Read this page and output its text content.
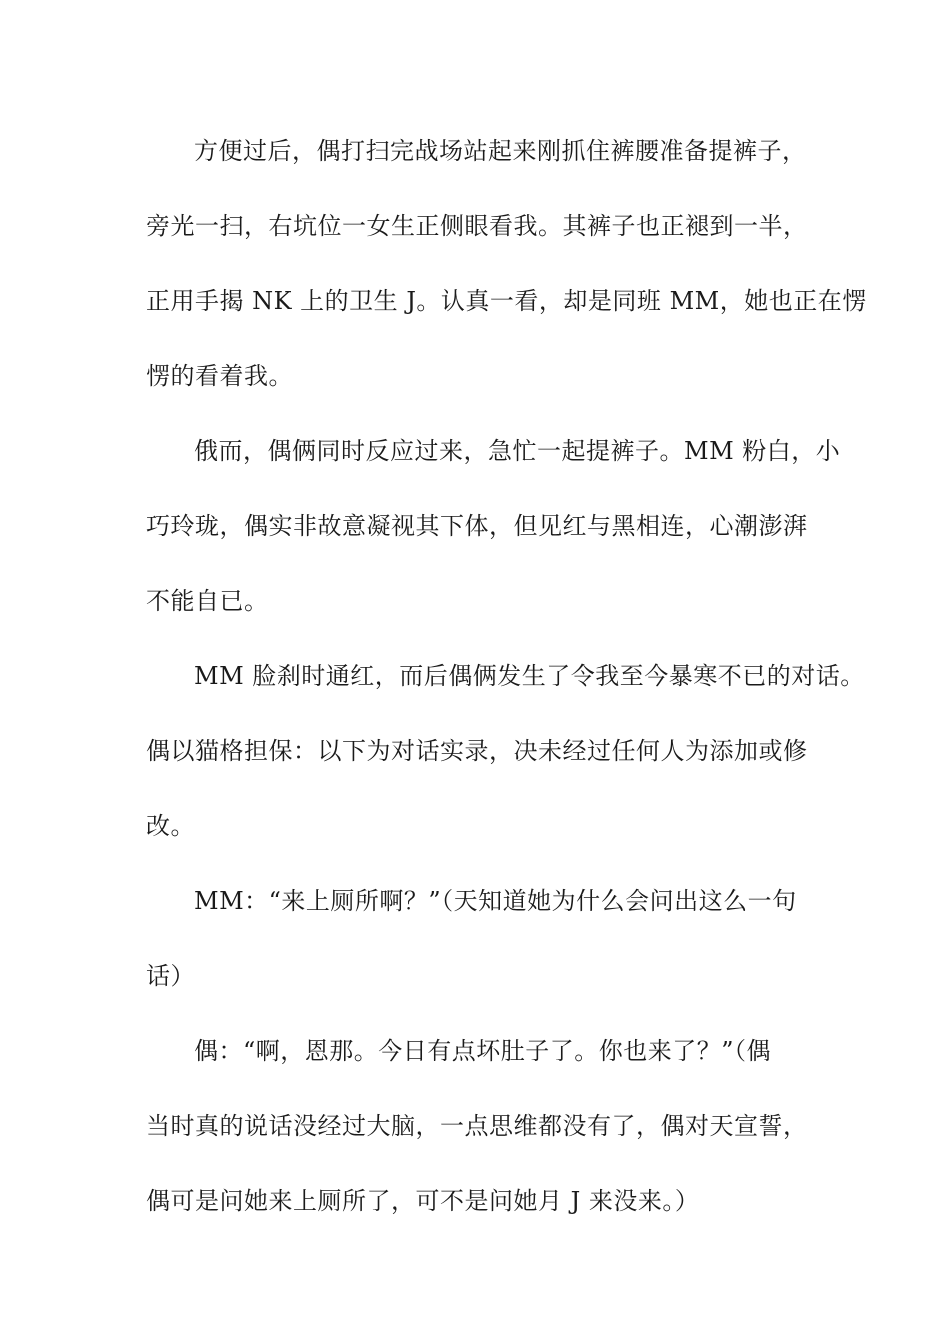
方便过后，偶打扫完战场站起来刚抓住裤腰准备提裤子，
旁光一扫，右坑位一女生正侧眼看我。其裤子也正褪到一半，
正用手揭 NK 上的卫生 J。认真一看，却是同班 MM，她也正在愣
愣的看着我。
俄而，偶俩同时反应过来，急忙一起提裤子。MM 粉白，小
巧玲珑，偶实非故意凝视其下体，但见红与黑相连，心潮澎湃
不能自已。
MM 脸刹时通红，而后偶俩发生了令我至今暴寒不已的对话。
偶以猫格担保：以下为对话实录，决未经过任何人为添加或修
改。
MM：“来上厕所啊？”（天知道她为什么会问出这么一句
话）
偶：“啊，恩那。今日有点坏肚子了。你也来了？”（偶
当时真的说话没经过大脑，一点思维都没有了，偶对天宣誓，
偶可是问她来上厕所了，可不是问她月 J 来没来。）
